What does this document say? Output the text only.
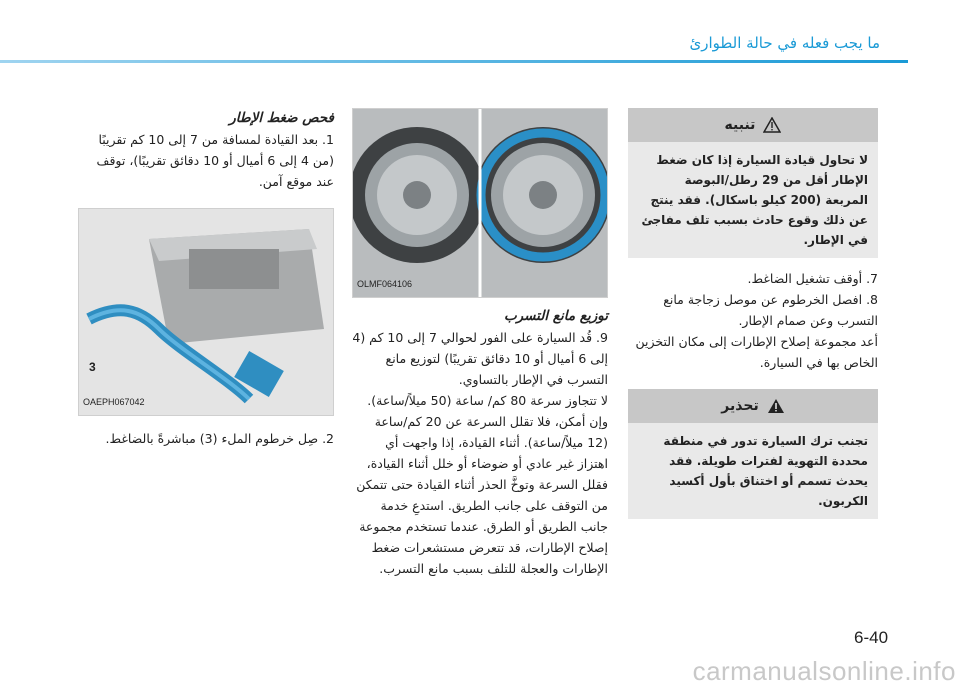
ما يجب فعله في حالة الطوارئ
تنبيه
لا تحاول قيادة السيارة إذا كان ضغط الإطار أقل من 29 رطل/البوصة المربعة (200 كيلو باسكال). فقد ينتج عن ذلك وقوع حادث بسبب تلف مفاجئ في الإطار.

7. أوقف تشغيل الضاغط.

8. افصل الخرطوم عن موصل زجاجة مانع التسرب وعن صمام الإطار.

أعد مجموعة إصلاح الإطارات إلى مكان التخزين الخاص بها في السيارة.

تحذير
تجنب ترك السيارة تدور في منطقة محددة التهوية لفترات طويلة. فقد يحدث تسمم أو اختناق بأول أكسيد الكربون.
OLMF064106

توزيع مانع التسرب

9. قُد السيارة على الفور لحوالي 7 إلى 10 كم (4 إلى 6 أميال أو 10 دقائق تقريبًا) لتوزيع مانع التسرب في الإطار بالتساوي.

لا تتجاوز سرعة 80 كم/ ساعة (50 ميلاً/ساعة).

وإن أمكن، فلا تقلل السرعة عن 20 كم/ساعة (12 ميلاً/ساعة). أثناء القيادة، إذا واجهت أي اهتزاز غير عادي أو ضوضاء أو خلل أثناء القيادة، فقلل السرعة وتوخَّ الحذر أثناء القيادة حتى تتمكن من التوقف على جانب الطريق. استدعِ خدمة جانب الطريق أو الطرق. عندما تستخدم مجموعة إصلاح الإطارات، قد تتعرض مستشعرات ضغط الإطارات والعجلة للتلف بسبب مانع التسرب.

فحص ضغط الإطار

1. بعد القيادة لمسافة من 7 إلى 10 كم تقريبًا (من 4 إلى 6 أميال أو 10 دقائق تقريبًا)، توقف عند موقع آمن.

3
OAEPH067042

2. صِل خرطوم الملء (3) مباشرةً بالضاغط.

6-40
carmanualsonline.info
